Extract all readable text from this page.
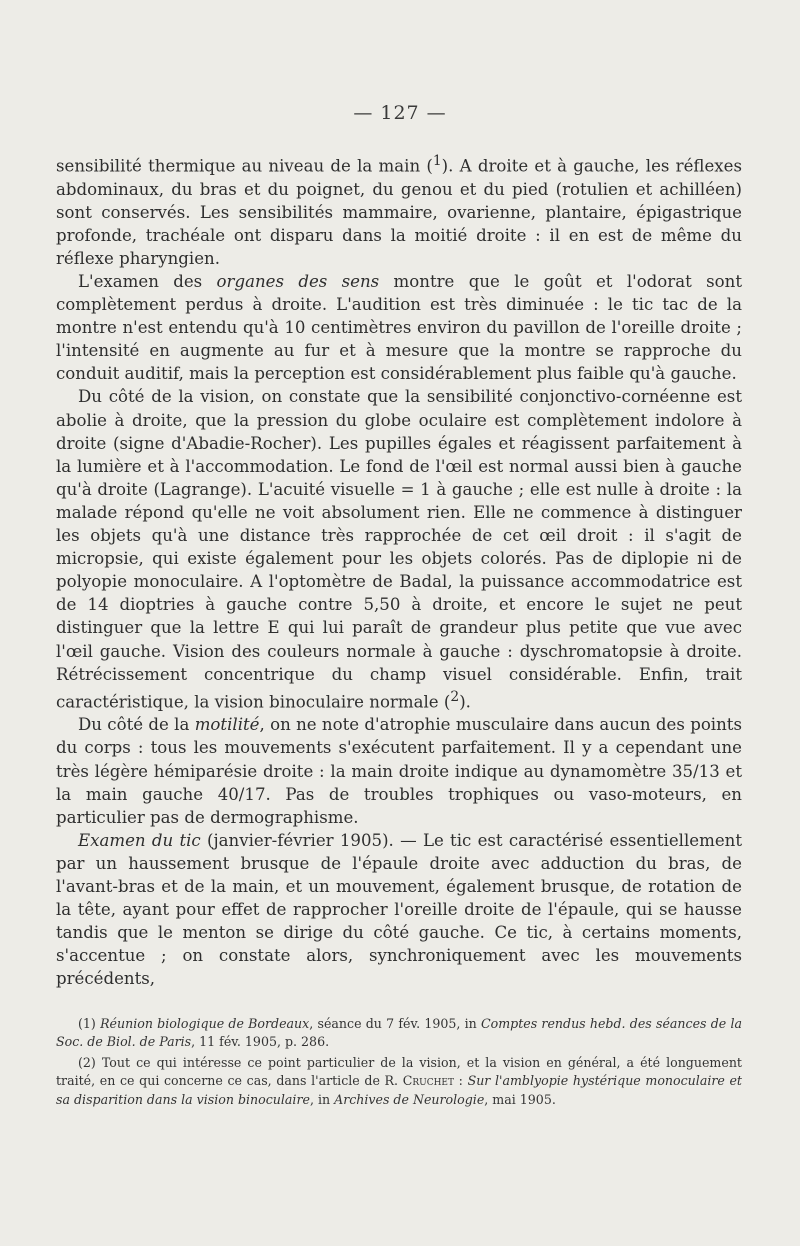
— 127 —

sensibilité thermique au niveau de la main ($^1$). A droite et à gauche, les réflexes abdominaux, du bras et du poignet, du genou et du pied (rotulien et achilléen) sont conservés. Les sensibilités mammaire, ovarienne, plantaire, épigastrique profonde, trachéale ont disparu dans la moitié droite : il en est de même du réflexe pharyngien.

L'examen des organes des sens montre que le goût et l'odorat sont complètement perdus à droite. L'audition est très diminuée : le tic tac de la montre n'est entendu qu'à 10 centimètres environ du pavillon de l'oreille droite ; l'intensité en augmente au fur et à mesure que la montre se rapproche du conduit auditif, mais la perception est considérablement plus faible qu'à gauche.

Du côté de la vision, on constate que la sensibilité conjonctivo-cornéenne est abolie à droite, que la pression du globe oculaire est complètement indolore à droite (signe d'Abadie-Rocher). Les pupilles égales et réagissent parfaitement à la lumière et à l'accommodation. Le fond de l'œil est normal aussi bien à gauche qu'à droite (Lagrange). L'acuité visuelle = 1 à gauche ; elle est nulle à droite : la malade répond qu'elle ne voit absolument rien. Elle ne commence à distinguer les objets qu'à une distance très rapprochée de cet œil droit : il s'agit de micropsie, qui existe également pour les objets colorés. Pas de diplopie ni de polyopie monoculaire. A l'optomètre de Badal, la puissance accommodatrice est de 14 dioptries à gauche contre 5,50 à droite, et encore le sujet ne peut distinguer que la lettre E qui lui paraît de grandeur plus petite que vue avec l'œil gauche. Vision des couleurs normale à gauche : dyschromatopsie à droite. Rétrécissement concentrique du champ visuel considérable. Enfin, trait caractéristique, la vision binoculaire normale ($^2$).

Du côté de la motilité, on ne note d'atrophie musculaire dans aucun des points du corps : tous les mouvements s'exécutent parfaitement. Il y a cependant une très légère hémiparésie droite : la main droite indique au dynamomètre 35/13 et la main gauche 40/17. Pas de troubles trophiques ou vaso-moteurs, en particulier pas de dermographisme.

Examen du tic (janvier-février 1905). — Le tic est caractérisé essentiellement par un haussement brusque de l'épaule droite avec adduction du bras, de l'avant-bras et de la main, et un mouvement, également brusque, de rotation de la tête, ayant pour effet de rapprocher l'oreille droite de l'épaule, qui se hausse tandis que le menton se dirige du côté gauche. Ce tic, à certains moments, s'accentue ; on constate alors, synchroniquement avec les mouvements précédents,

(1) Réunion biologique de Bordeaux, séance du 7 fév. 1905, in Comptes rendus hebd. des séances de la Soc. de Biol. de Paris, 11 fév. 1905, p. 286.

(2) Tout ce qui intéresse ce point particulier de la vision, et la vision en général, a été longuement traité, en ce qui concerne ce cas, dans l'article de R. Cruchet : Sur l'amblyopie hystérique monoculaire et sa disparition dans la vision binoculaire, in Archives de Neurologie, mai 1905.
